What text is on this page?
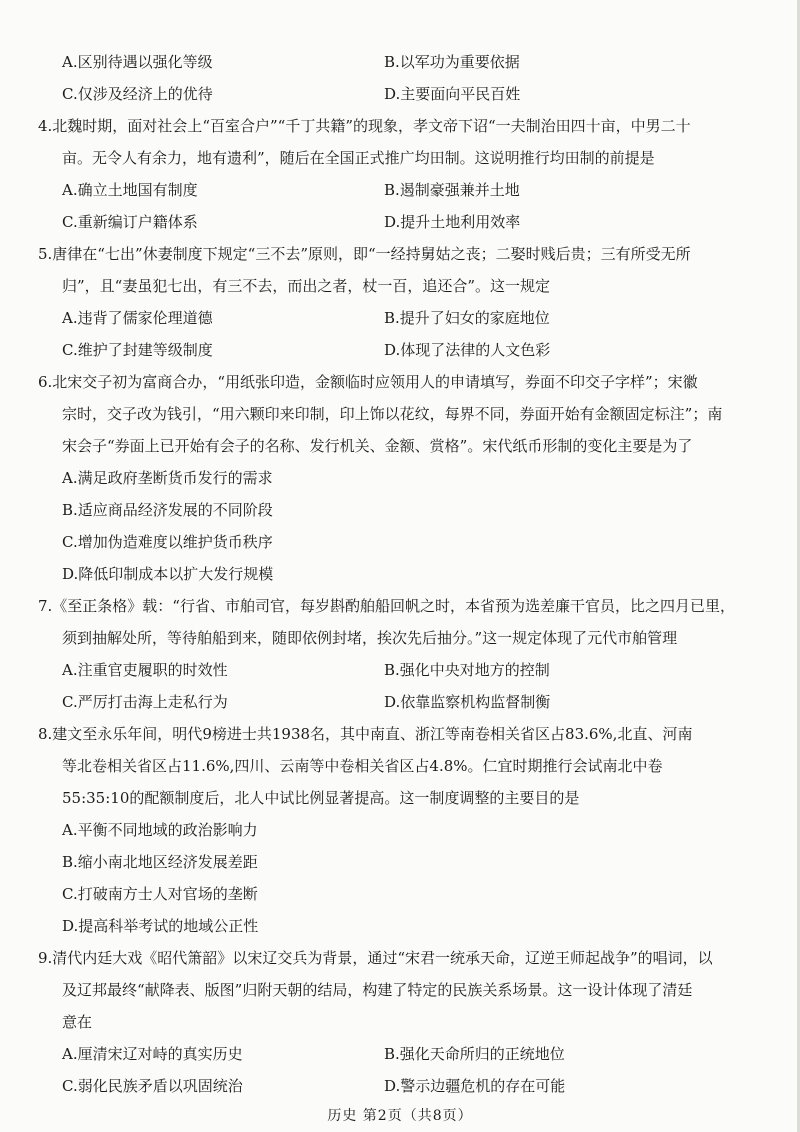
A.区别待遇以强化等级	B.以军功为重要依据
C.仅涉及经济上的优待	D.主要面向平民百姓
4.北魏时期，面对社会上“百室合户”“千丁共籍”的现象，孝文帝下诏“一夫制治田四十亩，中男二十
亩。无令人有余力，地有遗利”，随后在全国正式推广均田制。这说明推行均田制的前提是
A.确立土地国有制度	B.遏制豪强兼并土地
C.重新编订户籍体系	D.提升土地利用效率
5.唐律在“七出”休妻制度下规定“三不去”原则，即“一经持舅姑之丧；二娶时贱后贵；三有所受无所
归”，且“妻虽犯七出，有三不去，而出之者，杖一百，追还合”。这一规定
A.违背了儒家伦理道德	B.提升了妇女的家庭地位
C.维护了封建等级制度	D.体现了法律的人文色彩
6.北宋交子初为富商合办，“用纸张印造，金额临时应领用人的申请填写，券面不印交子字样”；宋徽
宗时，交子改为钱引，“用六颗印来印制，印上饰以花纹，每界不同，券面开始有金额固定标注”；南
宋会子“券面上已开始有会子的名称、发行机关、金额、赏格”。宋代纸币形制的变化主要是为了
A.满足政府垄断货币发行的需求
B.适应商品经济发展的不同阶段
C.增加伪造难度以维护货币秩序
D.降低印制成本以扩大发行规模
7.《至正条格》载：“行省、市舶司官，每岁斟酌舶船回帆之时，本省预为选差廉干官员，比之四月已里，
须到抽解处所，等待舶船到来，随即依例封堵，挨次先后抽分。”这一规定体现了元代市舶管理
A.注重官吏履职的时效性	B.强化中央对地方的控制
C.严厉打击海上走私行为	D.依靠监察机构监督制衡
8.建文至永乐年间，明代9榜进士共1938名，其中南直、浙江等南卷相关省区占83.6%,北直、河南
等北卷相关省区占11.6%,四川、云南等中卷相关省区占4.8%。仁宜时期推行会试南北中卷
55:35:10的配额制度后，北人中试比例显著提高。这一制度调整的主要目的是
A.平衡不同地域的政治影响力
B.缩小南北地区经济发展差距
C.打破南方士人对官场的垄断
D.提高科举考试的地域公正性
9.清代内廷大戏《昭代箫韶》以宋辽交兵为背景，通过“宋君一统承天命，辽逆王师起战争”的唱词，以
及辽邦最终“献降表、版图”归附天朝的结局，构建了特定的民族关系场景。这一设计体现了清廷
意在
A.厘清宋辽对峙的真实历史	B.强化天命所归的正统地位
C.弱化民族矛盾以巩固统治	D.警示边疆危机的存在可能
历史 第2页（共8页）
